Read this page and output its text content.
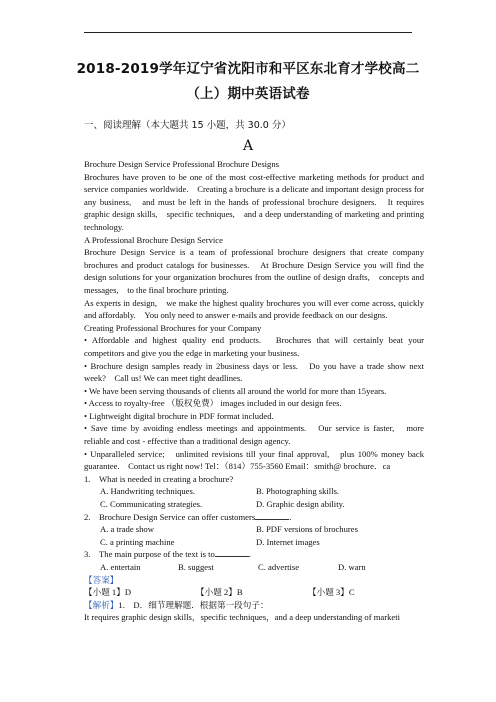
2018-2019学年辽宁省沈阳市和平区东北育才学校高二
（上）期中英语试卷
一、阅读理解（本大题共 15 小题，共 30.0 分）
A

Brochure Design Service Professional Brochure Designs

Brochures have proven to be one of the most cost-effective marketing methods for product and service companies worldwide.　Creating a brochure is a delicate and important design process for any business,　and must be left in the hands of professional brochure designers.　It requires graphic design skills,　specific techniques,　and a deep understanding of marketing and printing technology.

A Professional Brochure Design Service

Brochure Design Service is a team of professional brochure designers that create company brochures and product catalogs for businesses.　At Brochure Design Service you will find the design solutions for your organization brochures from the outline of design drafts,　concepts and messages,　to the final brochure printing.

As experts in design,　we make the highest quality brochures you will ever come across, quickly and affordably.　You only need to answer e-mails and provide feedback on our designs.

Creating Professional Brochures for your Company

• Affordable and highest quality end products.　Brochures that will certainly beat your competitors and give you the edge in marketing your business.

• Brochure design samples ready in 2business days or less.　Do you have a trade show next week?　Call us! We can meet tight deadlines.

• We have been serving thousands of clients all around the world for more than 15years.

• Access to royalty-free （版权免费） images included in our design fees.

• Lightweight digital brochure in PDF format included.

• Save time by avoiding endless meetings and appointments.　Our service is faster,　more reliable and cost - effective than a traditional design agency.

• Unparalleled service;　unlimited revisions till your final approval,　plus 100% money back guarantee.　Contact us right now! Tel：（814）755-3560 Email：smith@ brochure．ca

1.　What is needed in creating a brochure?
A. Handwriting techniques.	B. Photographing skills.
C. Communicating strategies.	D. Graphic design ability.
2.　Brochure Design Service can offer customers	.
A. a trade show	B. PDF versions of brochures
C. a printing machine	D. Internet images
3.　The main purpose of the text is to	.
A. entertain	B. suggest	C. advertise	D. warn
【答案】
【小题 1】D	【小题 2】B	【小题 3】C
【解析】1.　D．细节理解题．根据第一段句子：
It requires graphic design skills，specific techniques，and a deep understanding of marketi
